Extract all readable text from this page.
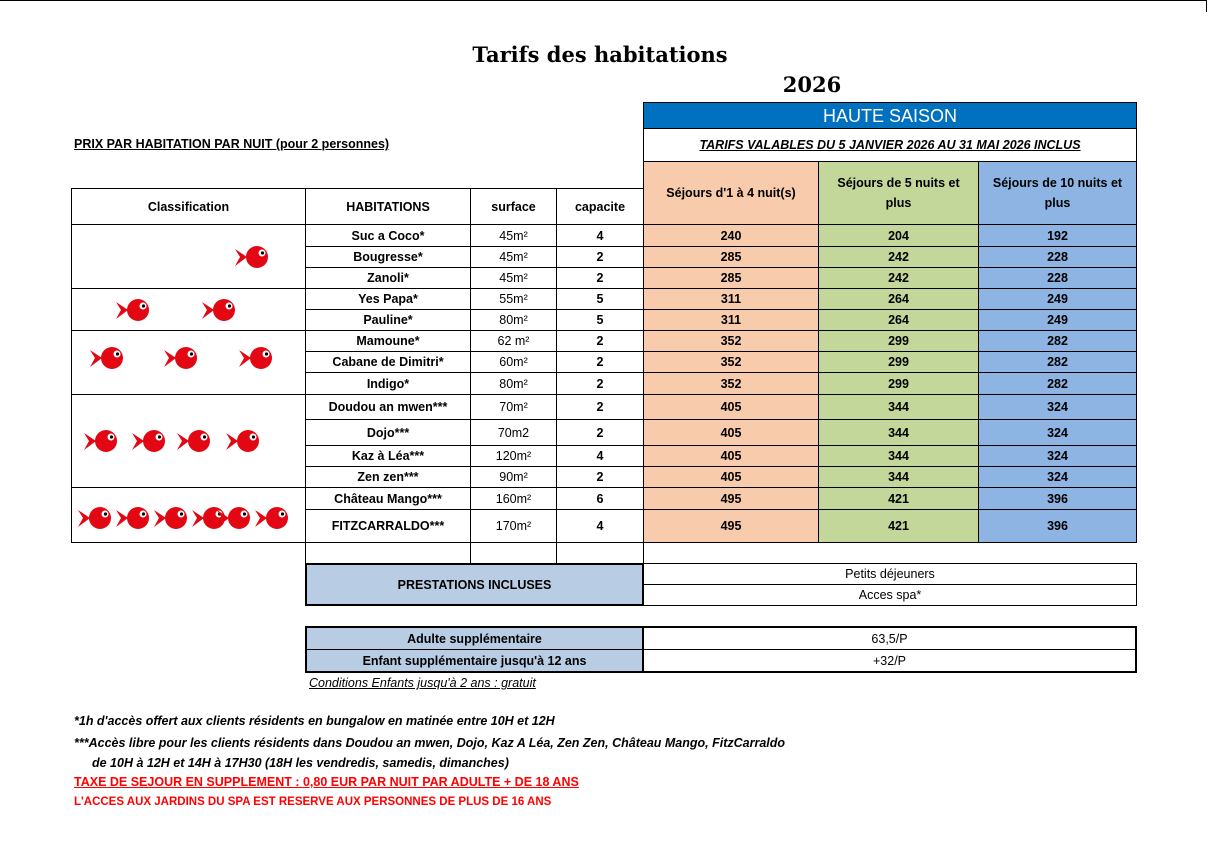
Tarifs des habitations
2026
HAUTE SAISON
TARIFS VALABLES DU 5 JANVIER 2026 AU 31 MAI 2026 INCLUS
PRIX PAR HABITATION PAR NUIT (pour 2 personnes)
Classification	HABITATIONS	surface	capacite
Séjours d'1 à 4 nuit(s)
Séjours de 5 nuits et plus
Séjours de 10 nuits et plus
Suc a Coco*	45m²	4	240	204	192
Bougresse*	45m²	2	285	242	228
Zanoli*	45m²	2	285	242	228
Yes Papa*	55m²	5	311	264	249
Pauline*	80m²	5	311	264	249
Mamoune*	62 m²	2	352	299	282
Cabane de Dimitri*	60m²	2	352	299	282
Indigo*	80m²	2	352	299	282
Doudou an mwen***	70m²	2	405	344	324
Dojo***	70m2	2	405	344	324
Kaz à Léa***	120m²	4	405	344	324
Zen zen***	90m²	2	405	344	324
Château Mango***	160m²	6	495	421	396
FITZCARRALDO***	170m²	4	495	421	396
PRESTATIONS INCLUSES
Petits déjeuners
Acces spa*
Adulte supplémentaire	63,5/P
Enfant supplémentaire jusqu'à 12 ans	+32/P
Conditions Enfants jusqu'à 2 ans : gratuit
*1h d'accès offert aux clients résidents en bungalow en matinée entre 10H et 12H
***Accès libre pour les clients résidents dans Doudou an mwen, Dojo, Kaz A Léa, Zen Zen, Château Mango, FitzCarraldo
de 10H à 12H et 14H à 17H30 (18H les vendredis, samedis, dimanches)
TAXE DE SEJOUR EN SUPPLEMENT : 0,80 EUR PAR NUIT PAR ADULTE + DE 18 ANS
L'ACCES AUX JARDINS DU SPA EST RESERVE AUX PERSONNES DE PLUS DE 16 ANS
